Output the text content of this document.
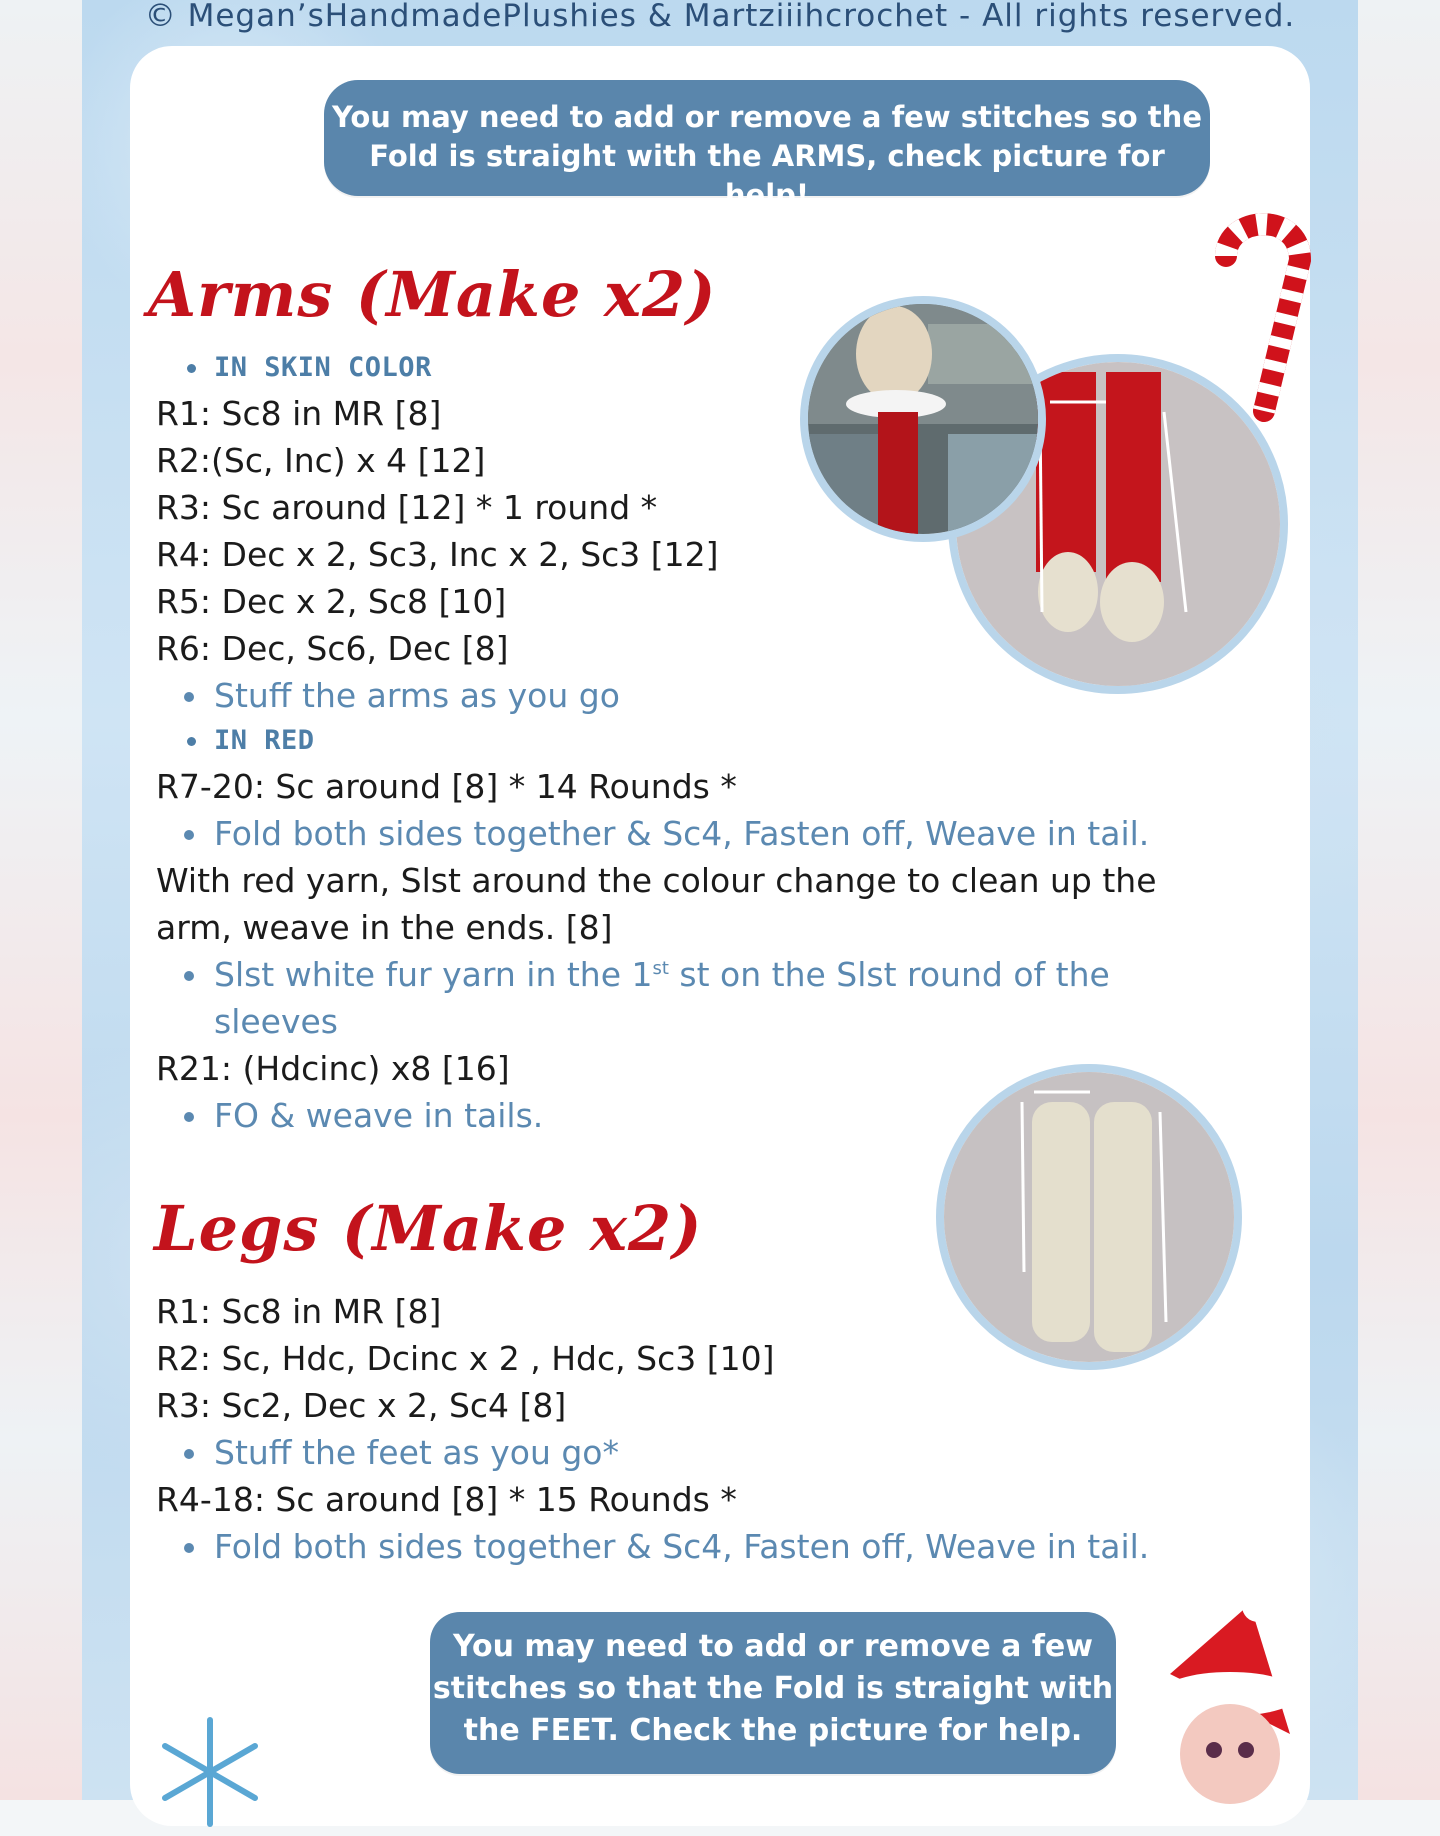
© Megan’sHandmadePlushies & Martziiihcrochet - All rights reserved.
You may need to add or remove a few stitches so the
Fold is straight with the ARMS, check picture for help!
Arms (Make x2)
IN SKIN COLOR
R1: Sc8 in MR [8]
R2:(Sc, Inc) x 4 [12]
R3: Sc around [12] * 1 round *
R4: Dec x 2, Sc3, Inc x 2, Sc3 [12]
R5: Dec x 2, Sc8 [10]
R6: Dec, Sc6, Dec [8]
Stuff the arms as you go
IN RED
R7-20: Sc around [8] * 14 Rounds *
Fold both sides together & Sc4, Fasten off, Weave in tail.
With red yarn, Slst around the colour change to clean up the arm, weave in the ends. [8]
Slst white fur yarn in the 1st st on the Slst round of the sleeves
R21: (Hdcinc) x8 [16]
FO & weave in tails.
Legs (Make x2)
R1: Sc8 in MR [8]
R2: Sc, Hdc, Dcinc x 2 , Hdc, Sc3 [10]
R3: Sc2, Dec x 2, Sc4 [8]
Stuff the feet as you go*
R4-18: Sc around [8] * 15 Rounds *
Fold both sides together & Sc4, Fasten off, Weave in tail.
You may need to add or remove a few
stitches so that the Fold is straight with
the FEET. Check the picture for help.
